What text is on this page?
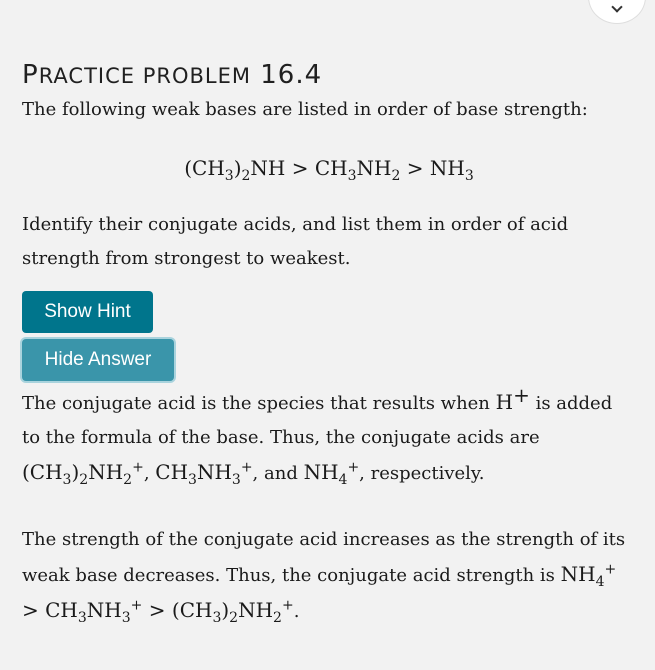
PRACTICE PROBLEM 16.4

The following weak bases are listed in order of base strength:

$(CH_3)_2NH > CH_3NH_2 > NH_3$

Identify their conjugate acids, and list them in order of acid strength from strongest to weakest.

Show Hint
Hide Answer

The conjugate acid is the species that results when H+ is added to the formula of the base. Thus, the conjugate acids are $(CH_3)_2NH_2^+$, $CH_3NH_3^+$, and $NH_4^+$, respectively.

The strength of the conjugate acid increases as the strength of its weak base decreases. Thus, the conjugate acid strength is $NH_4^+ > CH_3NH_3^+ > (CH_3)_2NH_2^+$.
